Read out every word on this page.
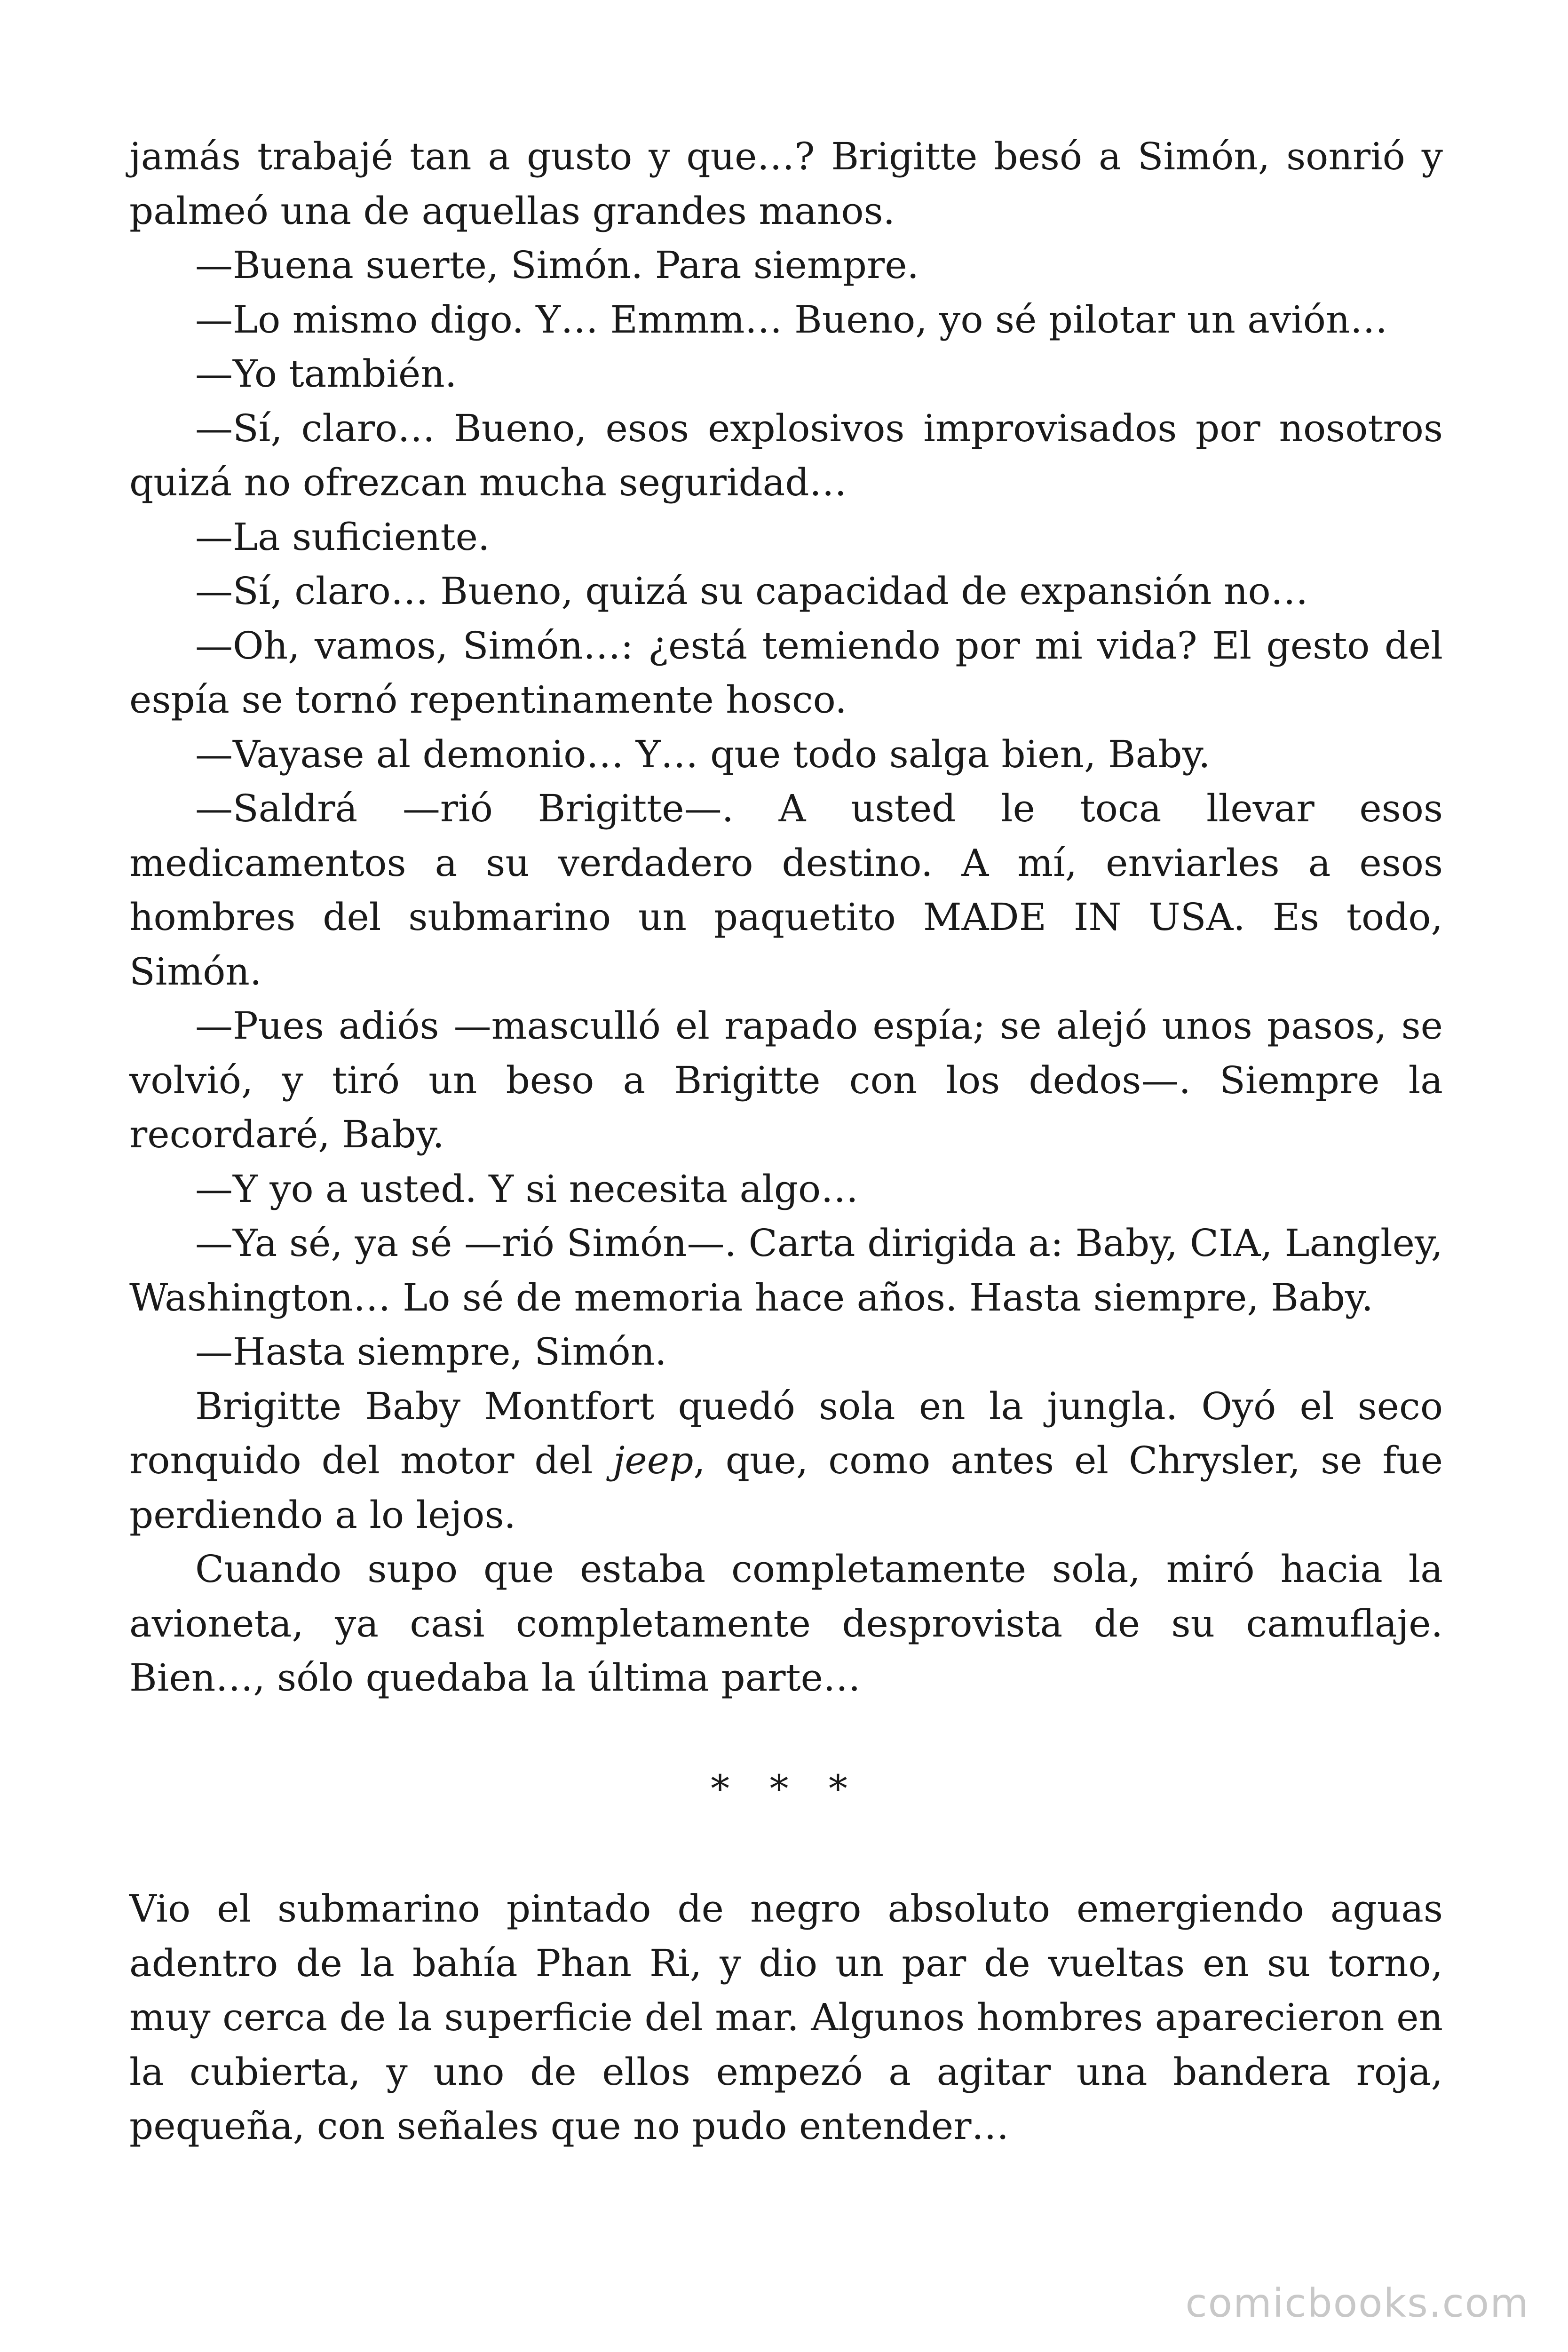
jamás trabajé tan a gusto y que…? Brigitte besó a Simón, sonrió y palmeó una de aquellas grandes manos.

—Buena suerte, Simón. Para siempre.

—Lo mismo digo. Y… Emmm… Bueno, yo sé pilotar un avión…

—Yo también.

—Sí, claro… Bueno, esos explosivos improvisados por nosotros quizá no ofrezcan mucha seguridad…

—La suficiente.

—Sí, claro… Bueno, quizá su capacidad de expansión no…

—Oh, vamos, Simón…: ¿está temiendo por mi vida? El gesto del espía se tornó repentinamente hosco.

—Vayase al demonio… Y… que todo salga bien, Baby.

—Saldrá —rió Brigitte—. A usted le toca llevar esos medicamentos a su verdadero destino. A mí, enviarles a esos hombres del submarino un paquetito MADE IN USA. Es todo, Simón.

—Pues adiós —masculló el rapado espía; se alejó unos pasos, se volvió, y tiró un beso a Brigitte con los dedos—. Siempre la recordaré, Baby.

—Y yo a usted. Y si necesita algo…

—Ya sé, ya sé —rió Simón—. Carta dirigida a: Baby, CIA, Langley, Washington… Lo sé de memoria hace años. Hasta siempre, Baby.

—Hasta siempre, Simón.

Brigitte Baby Montfort quedó sola en la jungla. Oyó el seco ronquido del motor del jeep, que, como antes el Chrysler, se fue perdiendo a lo lejos.

Cuando supo que estaba completamente sola, miró hacia la avioneta, ya casi completamente desprovista de su camuflaje. Bien…, sólo quedaba la última parte…

* * *

Vio el submarino pintado de negro absoluto emergiendo aguas adentro de la bahía Phan Ri, y dio un par de vueltas en su torno, muy cerca de la superficie del mar. Algunos hombres aparecieron en la cubierta, y uno de ellos empezó a agitar una bandera roja, pequeña, con señales que no pudo entender…

comicbooks.com
